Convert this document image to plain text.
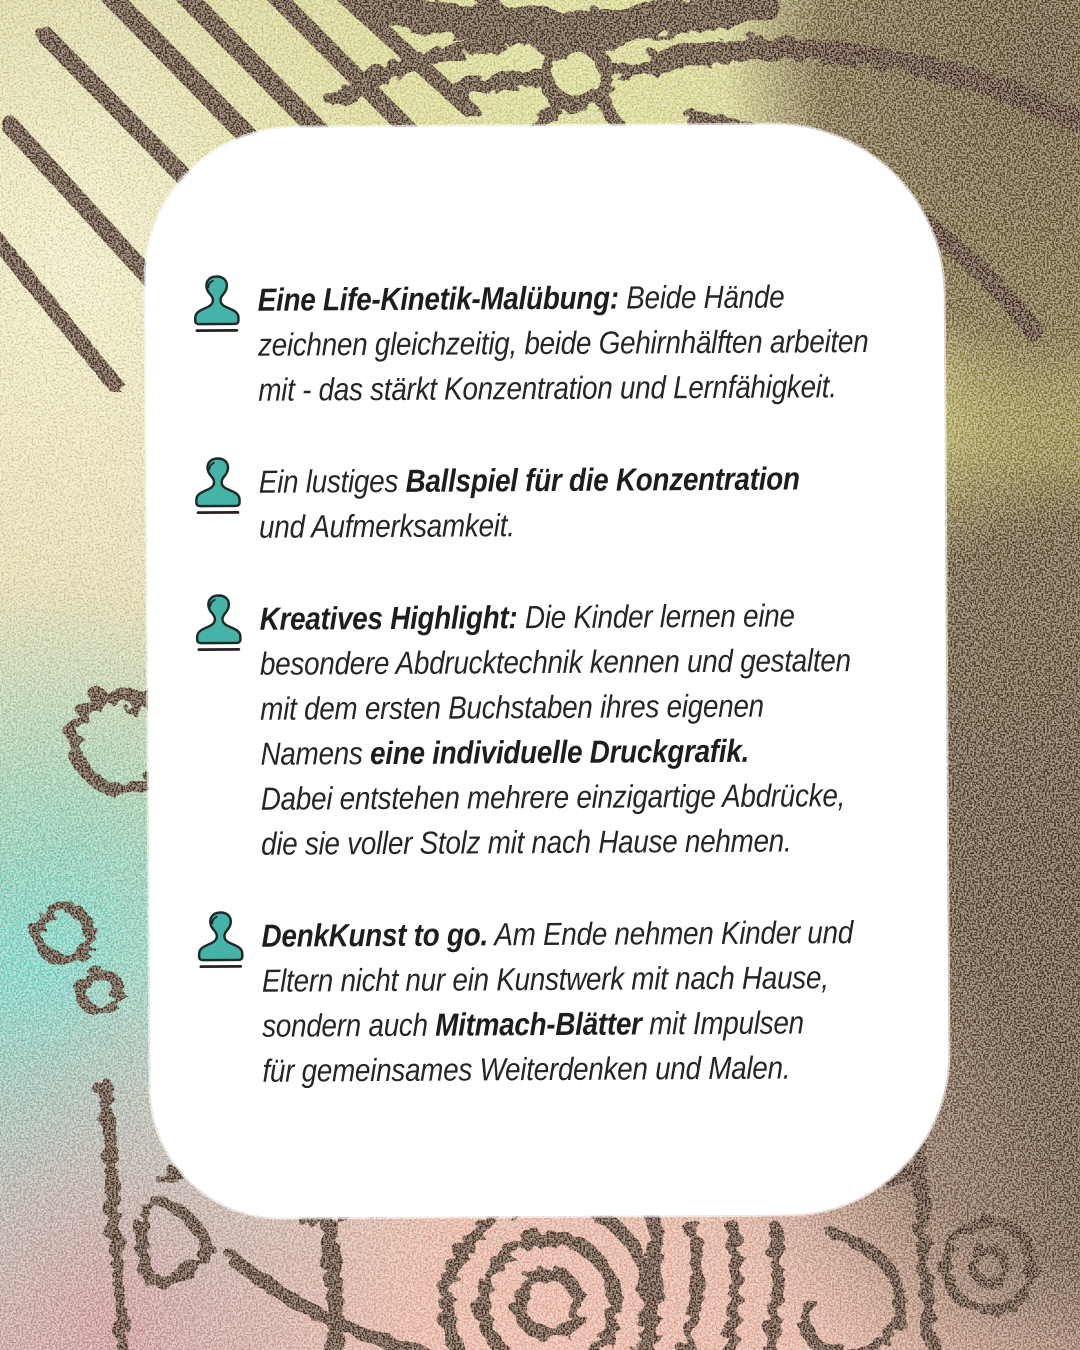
Eine Life-Kinetik-Malübung: Beide Hände

zeichnen gleichzeitig, beide Gehirnhälften arbeiten

mit - das stärkt Konzentration und Lernfähigkeit.

Ein lustiges Ballspiel für die Konzentration

und Aufmerksamkeit.

Kreatives Highlight: Die Kinder lernen eine

besondere Abdrucktechnik kennen und gestalten

mit dem ersten Buchstaben ihres eigenen

Namens eine individuelle Druckgrafik.

Dabei entstehen mehrere einzigartige Abdrücke,

die sie voller Stolz mit nach Hause nehmen.

DenkKunst to go. Am Ende nehmen Kinder und

Eltern nicht nur ein Kunstwerk mit nach Hause,

sondern auch Mitmach-Blätter mit Impulsen

für gemeinsames Weiterdenken und Malen.
